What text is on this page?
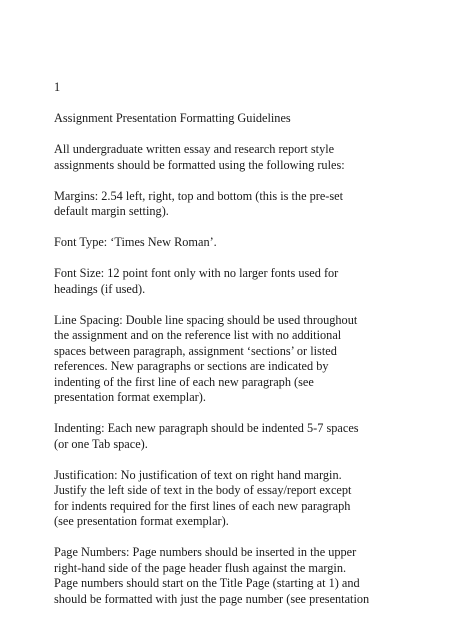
1

Assignment Presentation Formatting Guidelines

All undergraduate written essay and research report style
assignments should be formatted using the following rules:

Margins: 2.54 left, right, top and bottom (this is the pre-set
default margin setting).

Font Type: ‘Times New Roman’.

Font Size: 12 point font only with no larger fonts used for
headings (if used).

Line Spacing: Double line spacing should be used throughout
the assignment and on the reference list with no additional
spaces between paragraph, assignment ‘sections’ or listed
references. New paragraphs or sections are indicated by
indenting of the first line of each new paragraph (see
presentation format exemplar).

Indenting: Each new paragraph should be indented 5-7 spaces
(or one Tab space).

Justification: No justification of text on right hand margin.
Justify the left side of text in the body of essay/report except
for indents required for the first lines of each new paragraph
(see presentation format exemplar).

Page Numbers: Page numbers should be inserted in the upper
right-hand side of the page header flush against the margin.
Page numbers should start on the Title Page (starting at 1) and
should be formatted with just the page number (see presentation
